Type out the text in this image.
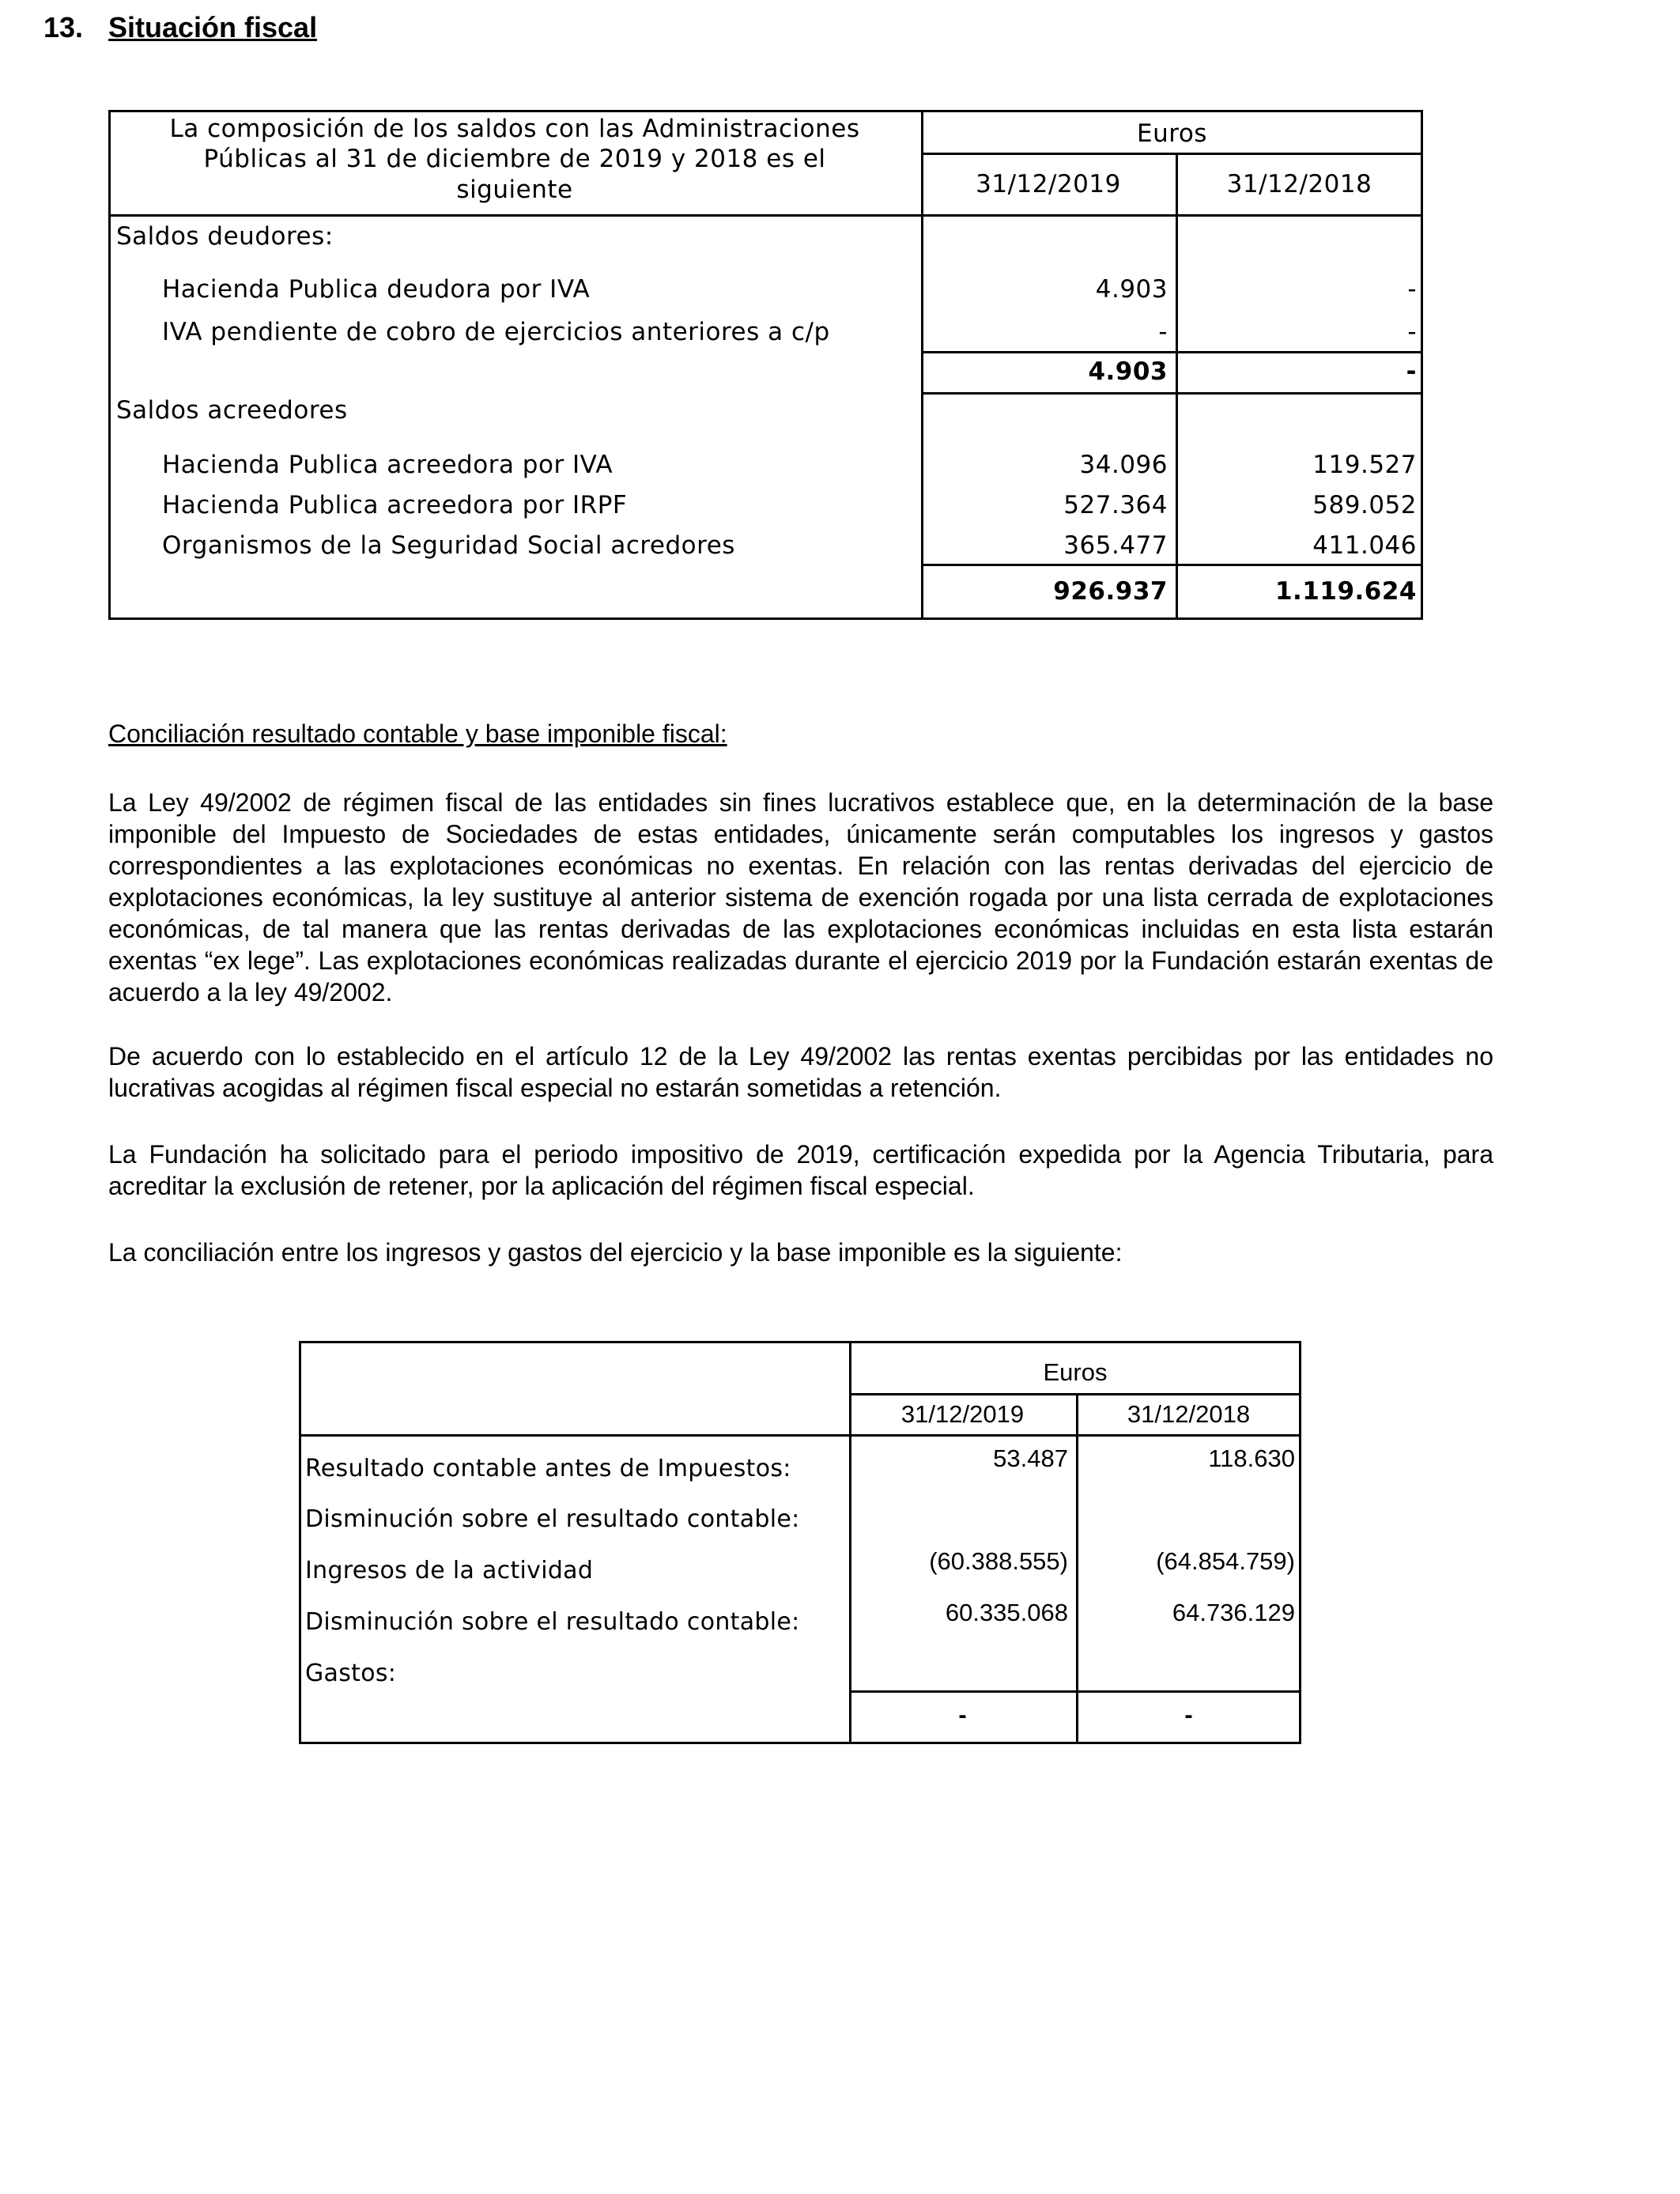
13. Situación fiscal
La composición de los saldos con las Administraciones
Públicas al 31 de diciembre de 2019 y 2018 es el
siguiente
Euros
31/12/2019	31/12/2018
Saldos deudores:
Hacienda Publica deudora por IVA	4.903	-
IVA pendiente de cobro de ejercicios anteriores a c/p	-	-
4.903	-
Saldos acreedores
Hacienda Publica acreedora por IVA	34.096	119.527
Hacienda Publica acreedora por IRPF	527.364	589.052
Organismos de la Seguridad Social acredores	365.477	411.046
926.937	1.119.624
Conciliación resultado contable y base imponible fiscal:
La Ley 49/2002 de régimen fiscal de las entidades sin fines lucrativos establece que, en la determinación de la base imponible del Impuesto de Sociedades de estas entidades, únicamente serán computables los ingresos y gastos correspondientes a las explotaciones económicas no exentas. En relación con las rentas derivadas del ejercicio de explotaciones económicas, la ley sustituye al anterior sistema de exención rogada por una lista cerrada de explotaciones económicas, de tal manera que las rentas derivadas de las explotaciones económicas incluidas en esta lista estarán exentas “ex lege”. Las explotaciones económicas realizadas durante el ejercicio 2019 por la Fundación estarán exentas de acuerdo a la ley 49/2002.
De acuerdo con lo establecido en el artículo 12 de la Ley 49/2002 las rentas exentas percibidas por las entidades no lucrativas acogidas al régimen fiscal especial no estarán sometidas a retención.
La Fundación ha solicitado para el periodo impositivo de 2019, certificación expedida por la Agencia Tributaria, para acreditar la exclusión de retener, por la aplicación del régimen fiscal especial.
La conciliación entre los ingresos y gastos del ejercicio y la base imponible es la siguiente:
Euros
31/12/2019	31/12/2018
Resultado contable antes de Impuestos:	53.487	118.630
Disminución sobre el resultado contable:
Ingresos de la actividad	(60.388.555)	(64.854.759)
Disminución sobre el resultado contable:	60.335.068	64.736.129
Gastos:
-	-
